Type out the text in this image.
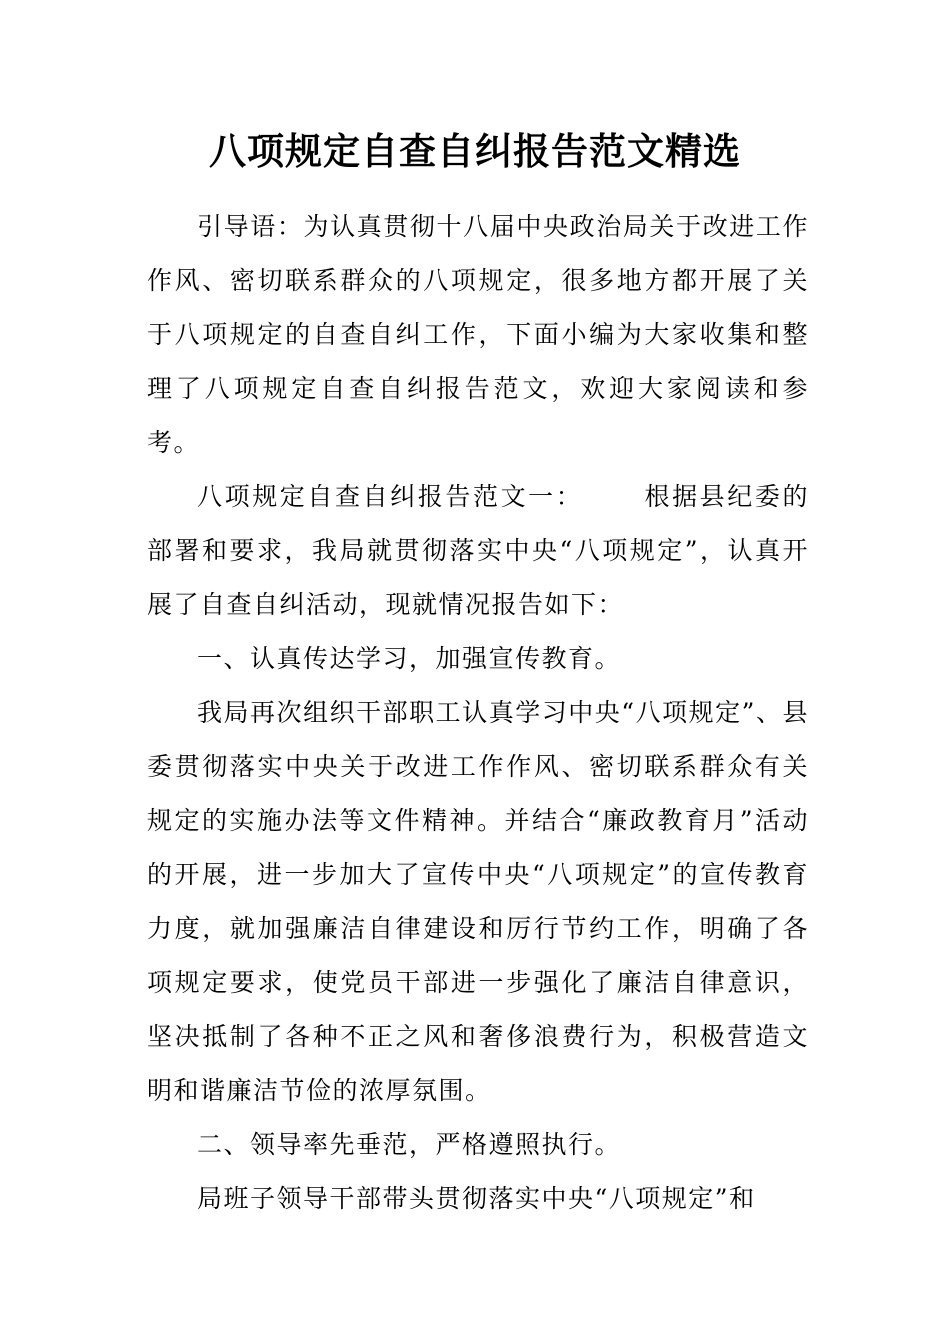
八项规定自查自纠报告范文精选

引导语：为认真贯彻十八届中央政治局关于改进工作作风、密切联系群众的八项规定，很多地方都开展了关于八项规定的自查自纠工作，下面小编为大家收集和整理了八项规定自查自纠报告范文，欢迎大家阅读和参考。

八项规定自查自纠报告范文一： 根据县纪委的部署和要求，我局就贯彻落实中央“八项规定”，认真开展了自查自纠活动，现就情况报告如下：

一、认真传达学习，加强宣传教育。

我局再次组织干部职工认真学习中央“八项规定”、县委贯彻落实中央关于改进工作作风、密切联系群众有关规定的实施办法等文件精神。并结合“廉政教育月”活动的开展，进一步加大了宣传中央“八项规定”的宣传教育力度，就加强廉洁自律建设和厉行节约工作，明确了各项规定要求，使党员干部进一步强化了廉洁自律意识，坚决抵制了各种不正之风和奢侈浪费行为，积极营造文明和谐廉洁节俭的浓厚氛围。

二、领导率先垂范，严格遵照执行。

局班子领导干部带头贯彻落实中央“八项规定”和
